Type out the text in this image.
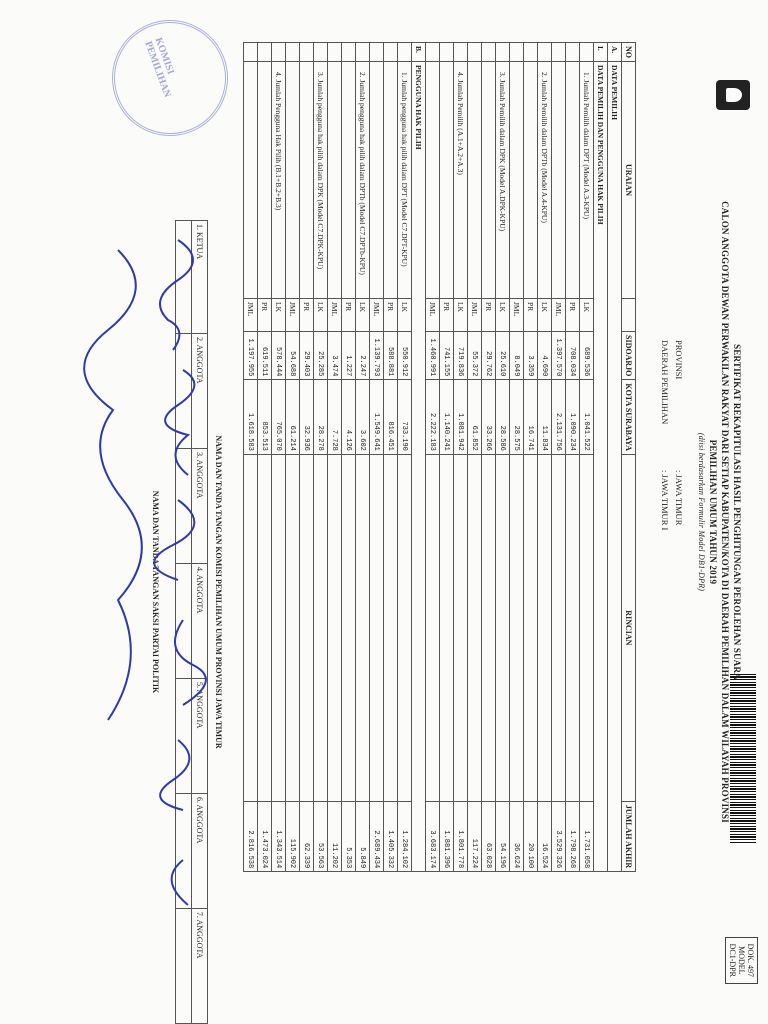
DOK. 497
MODEL
DC1-DPR
SERTIFIKAT REKAPITULASI HASIL PENGHITUNGAN PEROLEHAN SUARA
CALON ANGGOTA DEWAN PERWAKILAN RAKYAT DARI SETIAP KABUPATEN/KOTA DI DAERAH PEMILIHAN DALAM WILAYAH PROVINSI
PEMILIHAN UMUM TAHUN 2019
(diisi berdasarkan Formulir Model DB1-DPR)
PROVINSI
: JAWA TIMUR
DAERAH PEMILIHAN
: JAWA TIMUR I
NO	URAIAN		SIDOARJO	KOTA SURABAYA	RINCIAN	JUMLAH AKHIR
A.	DATA PEMILIH					
I.	DATA PEMILIH DAN PENGGUNA HAK PILIH					
	1. Jumlah Pemilih dalam DPT (Model A.3-KPU)	LK	689.536	1.041.522		1.731.058
		PR	708.034	1.090.234		1.798.268
		JML	1.397.570	2.131.756		3.529.326
	2. Jumlah Pemilih dalam DPTb (Model A.4-KPU)	LK	4.690	11.834		16.524
		PR	3.359	16.741		20.100
		JML	8.049	28.575		36.624
	3. Jumlah Pemilih dalam DPK (Model A.DPK-KPU)	LK	25.610	28.586		54.196
		PR	29.762	33.266		63.028
		JML	55.372	61.852		117.224
	4. Jumlah Pemilih (A.1+A.2+A.3)	LK	719.836	1.081.942		1.801.778
		PR	741.155	1.140.241		1.881.396
		JML	1.460.991	2.222.183		3.683.174
B.	PENGGUNA HAK PILIH					
	1. Jumlah pengguna hak pilih dalam DPT (Model C7.DPT-KPU)	LK	550.912	733.190		1.284.102
		PR	588.881	816.451		1.405.332
		JML	1.139.793	1.549.641		2.689.434
	2. Jumlah pengguna hak pilih dalam DPTb (Model C7.DPTb-KPU)	LK	2.247	3.602		5.849
		PR	1.227	4.126		5.353
		JML	3.474	7.728		11.202
	3. Jumlah pengguna hak pilih dalam DPK (Model C7.DPK-KPU)	LK	25.285	28.278		53.563
		PR	29.403	32.936		62.339
		JML	54.688	61.214		115.902
	4. Jumlah Pengguna Hak Pilih (B.1+B.2+B.3)	LK	578.444	765.070		1.343.514
		PR	619.511	853.513		1.473.024
		JML	1.197.955	1.618.583		2.816.538
NAMA DAN TANDA TANGAN KOMISI PEMILIHAN UMUM PROVINSI JAWA TIMUR
1. KETUA	2. ANGGOTA	3. ANGGOTA	4. ANGGOTA	5. ANGGOTA	6. ANGGOTA	7. ANGGOTA

NAMA DAN TANDA TANGAN SAKSI PARTAI POLITIK
KOMISI PEMILIHAN
